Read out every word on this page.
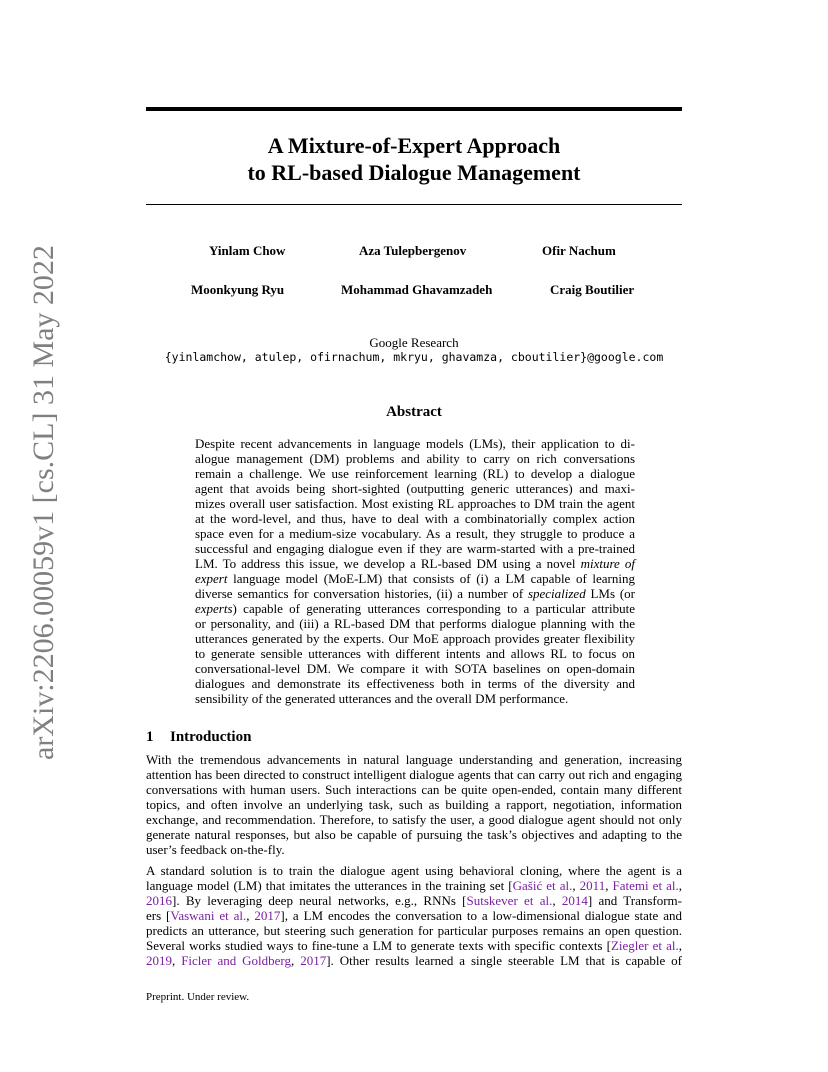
arXiv:2206.00059v1 [cs.CL] 31 May 2022
A Mixture-of-Expert Approach
to RL-based Dialogue Management
Yinlam Chow	Aza Tulepbergenov	Ofir Nachum
Moonkyung Ryu	Mohammad Ghavamzadeh	Craig Boutilier
Google Research
{yinlamchow, atulep, ofirnachum, mkryu, ghavamza, cboutilier}@google.com
Abstract
Despite recent advancements in language models (LMs), their application to di-
alogue management (DM) problems and ability to carry on rich conversations
remain a challenge. We use reinforcement learning (RL) to develop a dialogue
agent that avoids being short-sighted (outputting generic utterances) and maxi-
mizes overall user satisfaction. Most existing RL approaches to DM train the agent
at the word-level, and thus, have to deal with a combinatorially complex action
space even for a medium-size vocabulary. As a result, they struggle to produce a
successful and engaging dialogue even if they are warm-started with a pre-trained
LM. To address this issue, we develop a RL-based DM using a novel mixture of
expert language model (MoE-LM) that consists of (i) a LM capable of learning
diverse semantics for conversation histories, (ii) a number of specialized LMs (or
experts) capable of generating utterances corresponding to a particular attribute
or personality, and (iii) a RL-based DM that performs dialogue planning with the
utterances generated by the experts. Our MoE approach provides greater flexibility
to generate sensible utterances with different intents and allows RL to focus on
conversational-level DM. We compare it with SOTA baselines on open-domain
dialogues and demonstrate its effectiveness both in terms of the diversity and
sensibility of the generated utterances and the overall DM performance.
1 Introduction
With the tremendous advancements in natural language understanding and generation, increasing
attention has been directed to construct intelligent dialogue agents that can carry out rich and engaging
conversations with human users. Such interactions can be quite open-ended, contain many different
topics, and often involve an underlying task, such as building a rapport, negotiation, information
exchange, and recommendation. Therefore, to satisfy the user, a good dialogue agent should not only
generate natural responses, but also be capable of pursuing the task’s objectives and adapting to the
user’s feedback on-the-fly.
A standard solution is to train the dialogue agent using behavioral cloning, where the agent is a
language model (LM) that imitates the utterances in the training set [Gašić et al., 2011, Fatemi et al.,
2016]. By leveraging deep neural networks, e.g., RNNs [Sutskever et al., 2014] and Transform-
ers [Vaswani et al., 2017], a LM encodes the conversation to a low-dimensional dialogue state and
predicts an utterance, but steering such generation for particular purposes remains an open question.
Several works studied ways to fine-tune a LM to generate texts with specific contexts [Ziegler et al.,
2019, Ficler and Goldberg, 2017]. Other results learned a single steerable LM that is capable of
Preprint. Under review.
